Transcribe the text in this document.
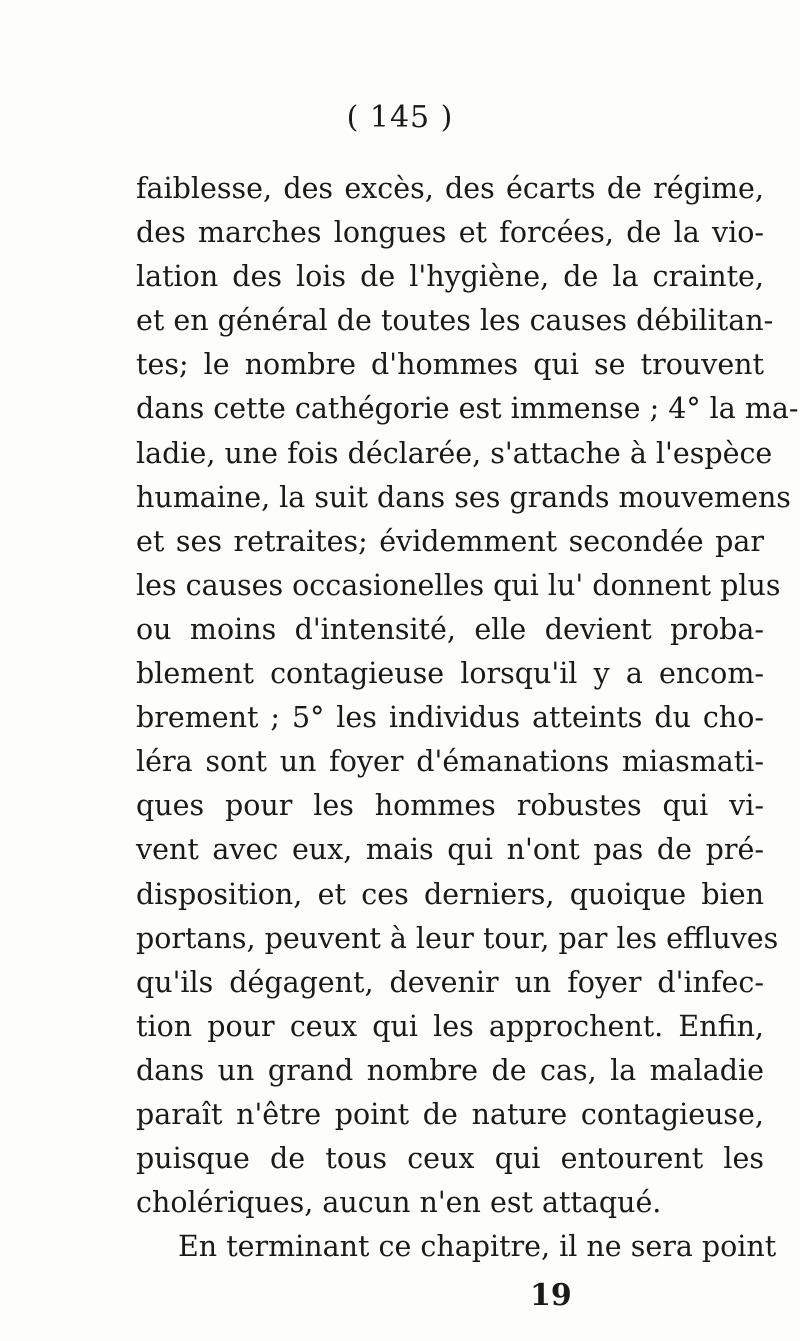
( 145 )
faiblesse, des excès, des écarts de régime,
des marches longues et forcées, de la vio-
lation des lois de l'hygiène, de la crainte,
et en général de toutes les causes débilitan-
tes; le nombre d'hommes qui se trouvent
dans cette cathégorie est immense ; 4° la ma-
ladie, une fois déclarée, s'attache à l'espèce
humaine, la suit dans ses grands mouvemens
et ses retraites; évidemment secondée par
les causes occasionelles qui lu' donnent plus
ou moins d'intensité, elle devient proba-
blement contagieuse lorsqu'il y a encom-
brement ; 5° les individus atteints du cho-
léra sont un foyer d'émanations miasmati-
ques pour les hommes robustes qui vi-
vent avec eux, mais qui n'ont pas de pré-
disposition, et ces derniers, quoique bien
portans, peuvent à leur tour, par les effluves
qu'ils dégagent, devenir un foyer d'infec-
tion pour ceux qui les approchent. Enfin,
dans un grand nombre de cas, la maladie
paraît n'être point de nature contagieuse,
puisque de tous ceux qui entourent les
cholériques, aucun n'en est attaqué.
En terminant ce chapitre, il ne sera point
19
